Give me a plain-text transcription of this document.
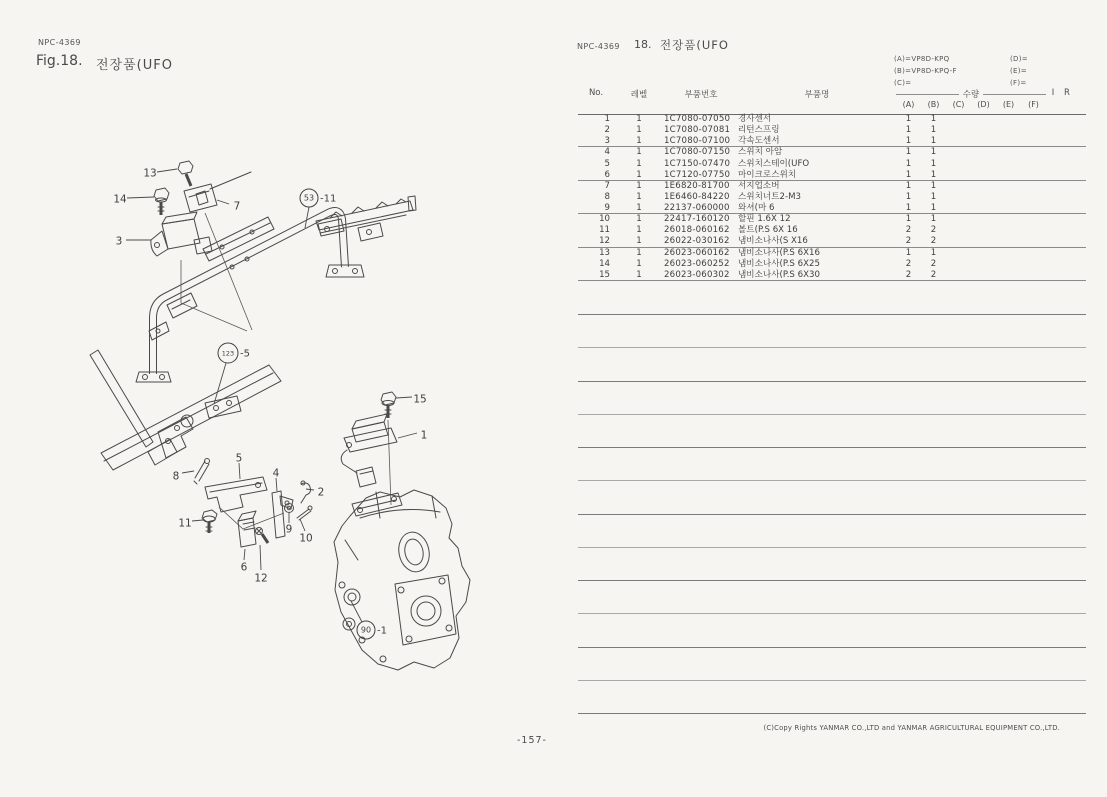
NPC-4369
Fig.18. 전장품(UFO
NPC-4369 18. 전장품(UFO
(A)=VP8D-KPQ
(B)=VP8D-KPQ-F
(C)=
(D)=
(E)=
(F)=
No.	레벨	부품번호	부품명	수량	I	R
(A)	(B)	(C)	(D)	(E)	(F)
1	1	1C7080-07050 경사센서	1	1
2	1	1C7080-07081 리턴스프링	1	1
3	1	1C7080-07100 각속도센서	1	1
4	1	1C7080-07150 스위치 아암	1	1
5	1	1C7150-07470 스위치스테이(UFO	1	1
6	1	1C7120-07750 마이크로스위치	1	1
7	1	1E6820-81700 서지업소버	1	1
8	1	1E6460-84220 스위치너트2-M3	1	1
9	1	22137-060000 와셔(마 6	1	1
10	1	22417-160120 할핀 1.6X 12	1	1
11	1	26018-060162 볼트(P.S 6X 16	2	2
12	1	26022-030162 냄비소나사(S X16	2	2
13	1	26023-060162 냄비소나사(P.S 6X16	1	1
14	1	26023-060252 냄비소나사(P.S 6X25	2	2
15	1	26023-060302 냄비소나사(P.S 6X30	2	2
-157-
(C)Copy Rights YANMAR CO.,LTD and YANMAR AGRICULTURAL EQUIPMENT CO.,LTD.
13
14
7
53 -11
3
123 -5
15
1
8
5
4
2
11	9
10
6
12
90 -1
